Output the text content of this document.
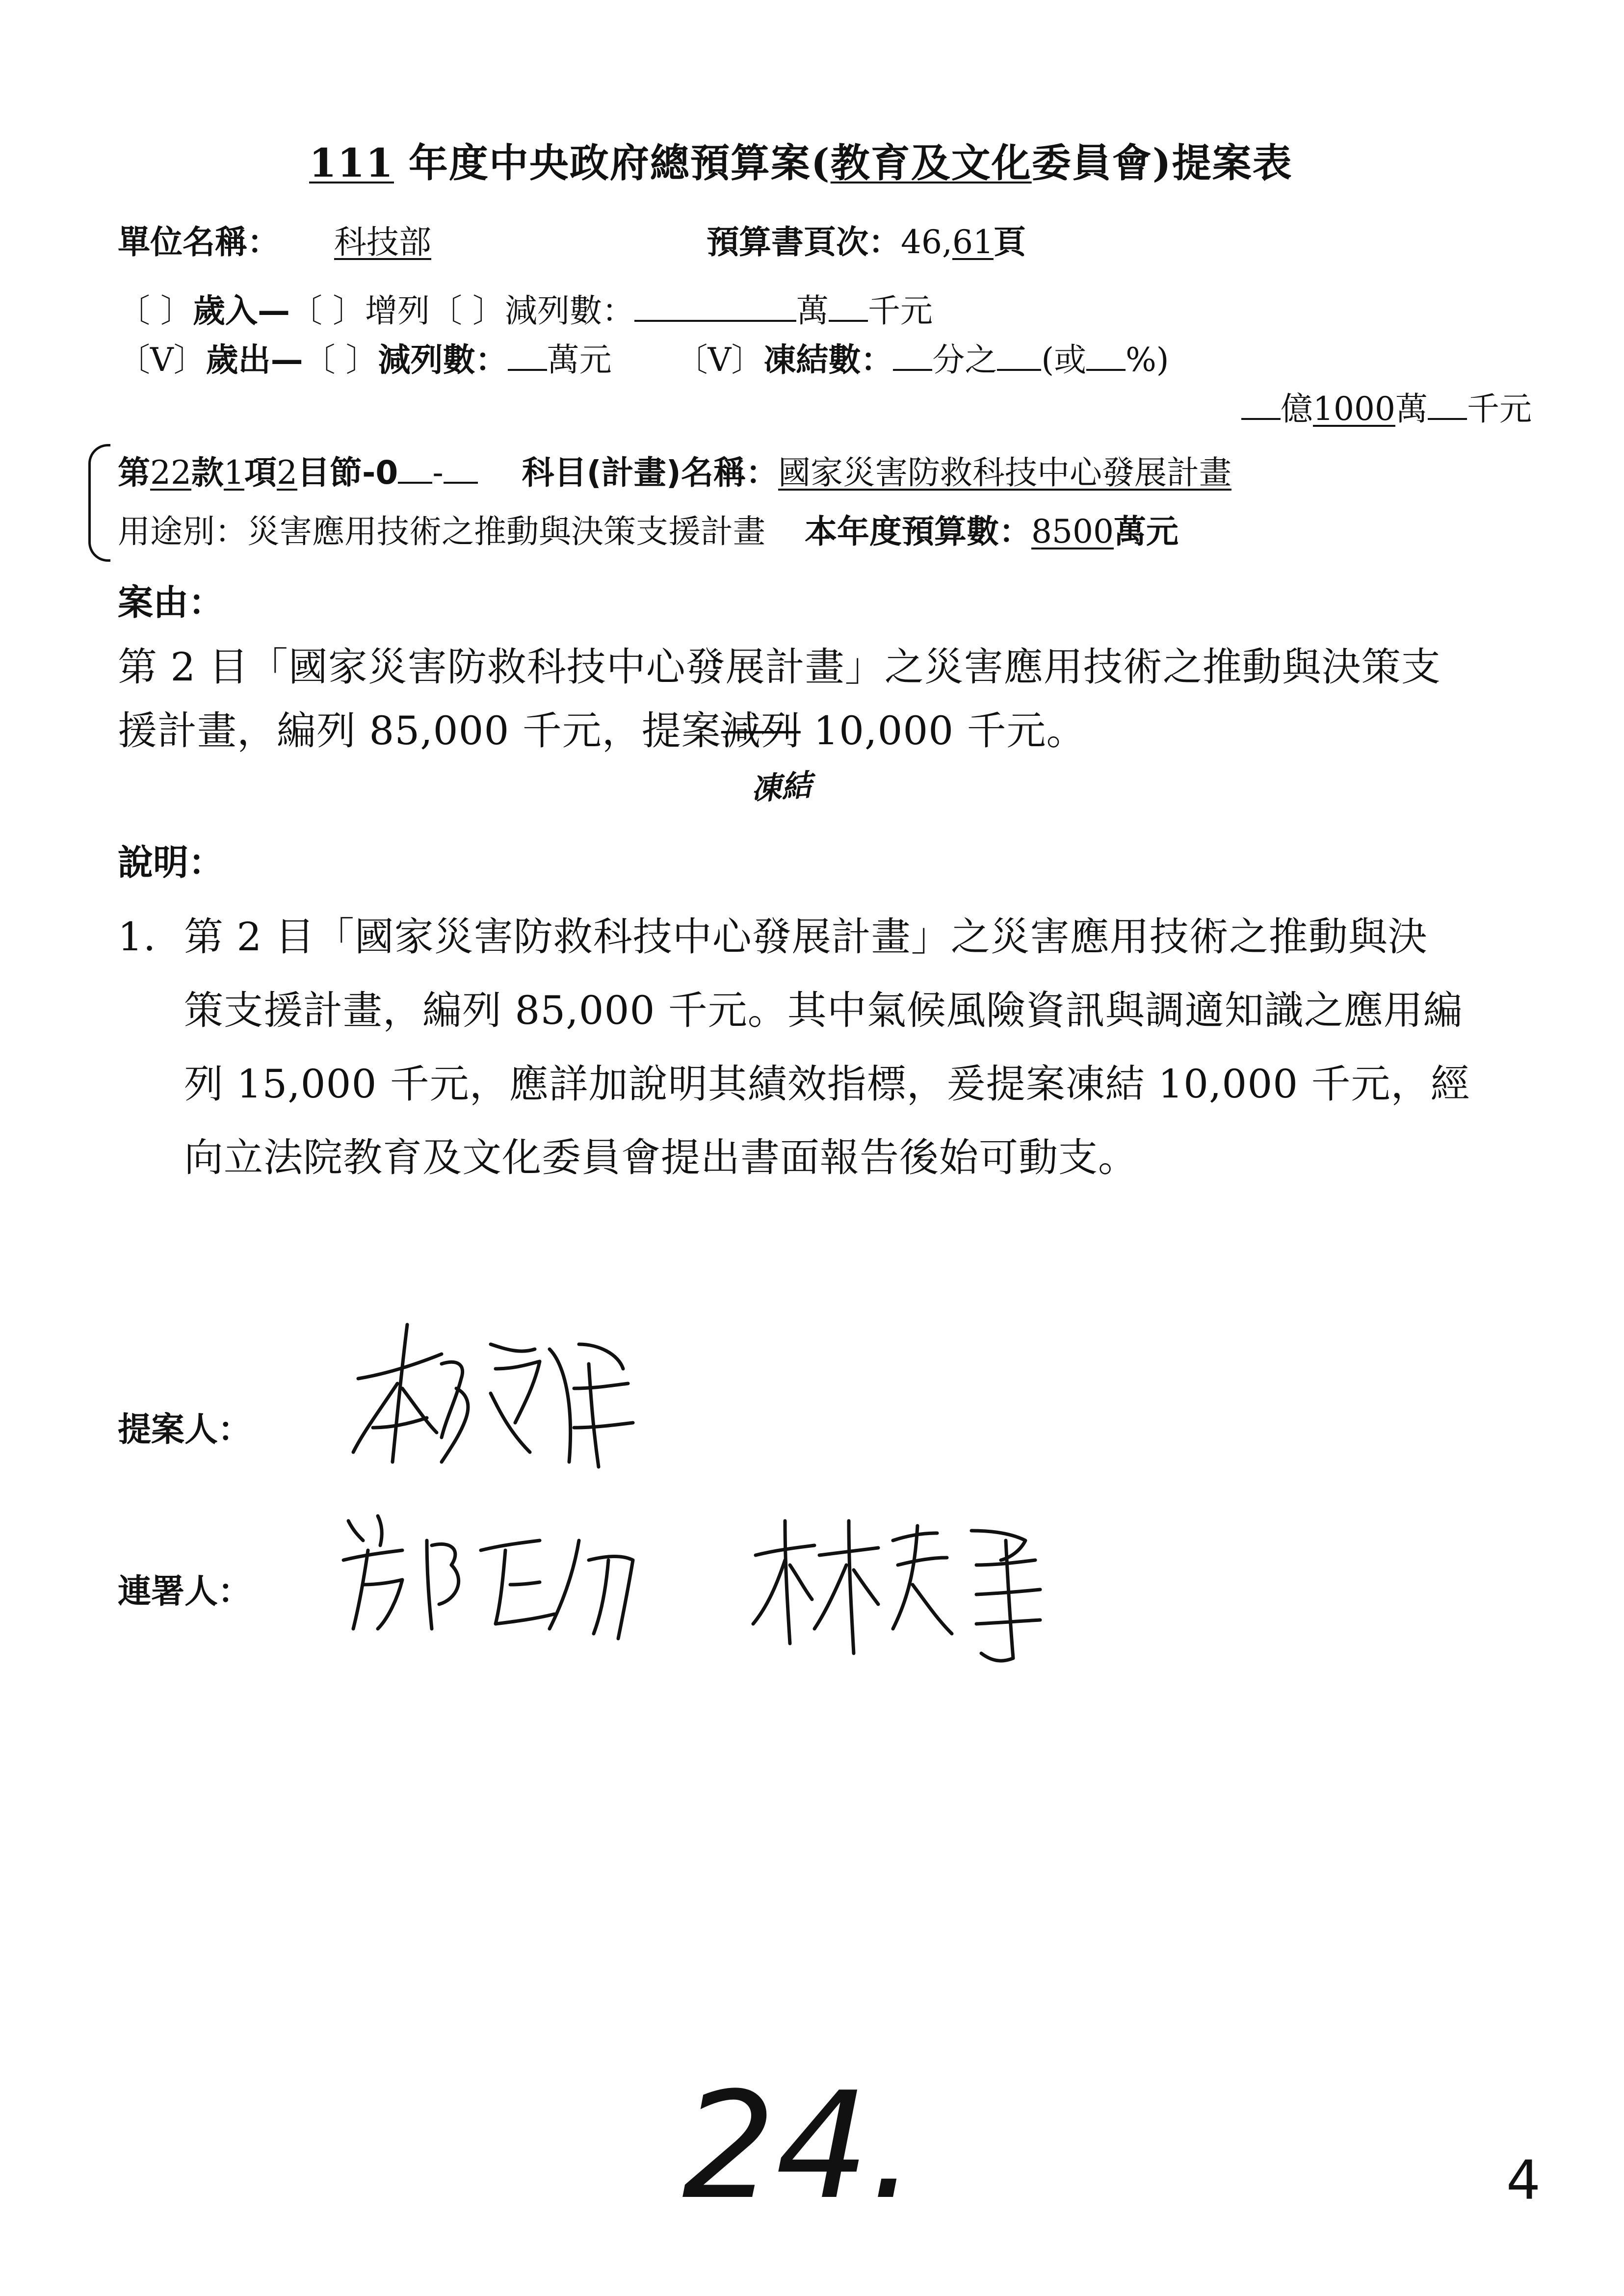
111 年度中央政府總預算案(教育及文化委員會)提案表
單位名稱： 科技部	預算書頁次：46,61頁
〔 〕歲入—〔 〕增列〔 〕減列數：	萬 千元
〔V〕歲出—〔 〕減列數： 萬元 〔V〕凍結數： 分之 (或 %)
億1000萬 千元
第22款1項2目節-0 - 科目(計畫)名稱：國家災害防救科技中心發展計畫
用途別：災害應用技術之推動與決策支援計畫 本年度預算數：8500萬元
案由：
第 2 目「國家災害防救科技中心發展計畫」之災害應用技術之推動與決策支
援計畫，編列 85,000 千元，提案減列 10,000 千元。
凍結
說明：
1. 第 2 目「國家災害防救科技中心發展計畫」之災害應用技術之推動與決
策支援計畫，編列 85,000 千元。其中氣候風險資訊與調適知識之應用編
列 15,000 千元，應詳加說明其績效指標，爰提案凍結 10,000 千元，經
向立法院教育及文化委員會提出書面報告後始可動支。
提案人：
連署人：
24.	4
